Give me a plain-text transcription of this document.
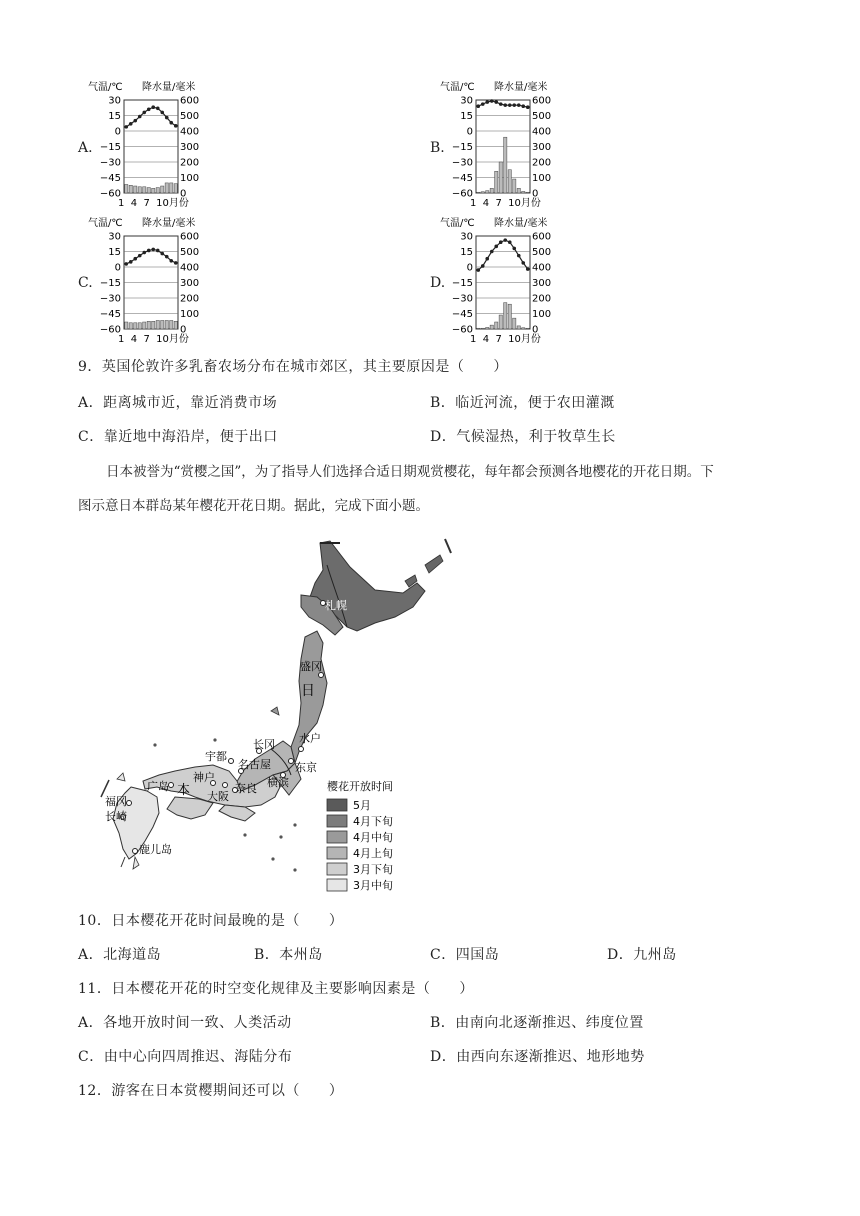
A.	B.
C.	D.
气温/℃ 降水量/毫米
30	600
15	500
0	400
−15	300
−30	200
−45	100
−60	0
1  4  7  10月份
气温/℃ 降水量/毫米
30	600
15	500
0	400
−15	300
−30	200
−45	100
−60	0
1  4  7  10月份
气温/℃ 降水量/毫米
30	600
15	500
0	400
−15	300
−30	200
−45	100
−60	0
1  4  7  10月份
气温/℃ 降水量/毫米
30	600
15	500
0	400
−15	300
−30	200
−45	100
−60	0
1  4  7  10月份
9．英国伦敦许多乳畜农场分布在城市郊区，其主要原因是（　　）
A．距离城市近，靠近消费市场	B．临近河流，便于农田灌溉
C．靠近地中海沿岸，便于出口	D．气候湿热，利于牧草生长
日本被誉为“赏樱之国”，为了指导人们选择合适日期观赏樱花，每年都会预测各地樱花的开花日期。下
图示意日本群岛某年樱花开花日期。据此，完成下面小题。
札幌
盛冈
日
长冈 水户
宇都
名古屋 东京
横滨
神户
大阪
奈良
广岛 本
福冈
长崎
鹿儿岛
樱花开放时间
5月
4月下旬
4月中旬
4月上旬
3月下旬
3月中旬
10．日本樱花开花时间最晚的是（　　）
A．北海道岛	B．本州岛	C．四国岛	D．九州岛
11．日本樱花开花的时空变化规律及主要影响因素是（　　）
A．各地开放时间一致、人类活动	B．由南向北逐渐推迟、纬度位置
C．由中心向四周推迟、海陆分布	D．由西向东逐渐推迟、地形地势
12．游客在日本赏樱期间还可以（　　）
